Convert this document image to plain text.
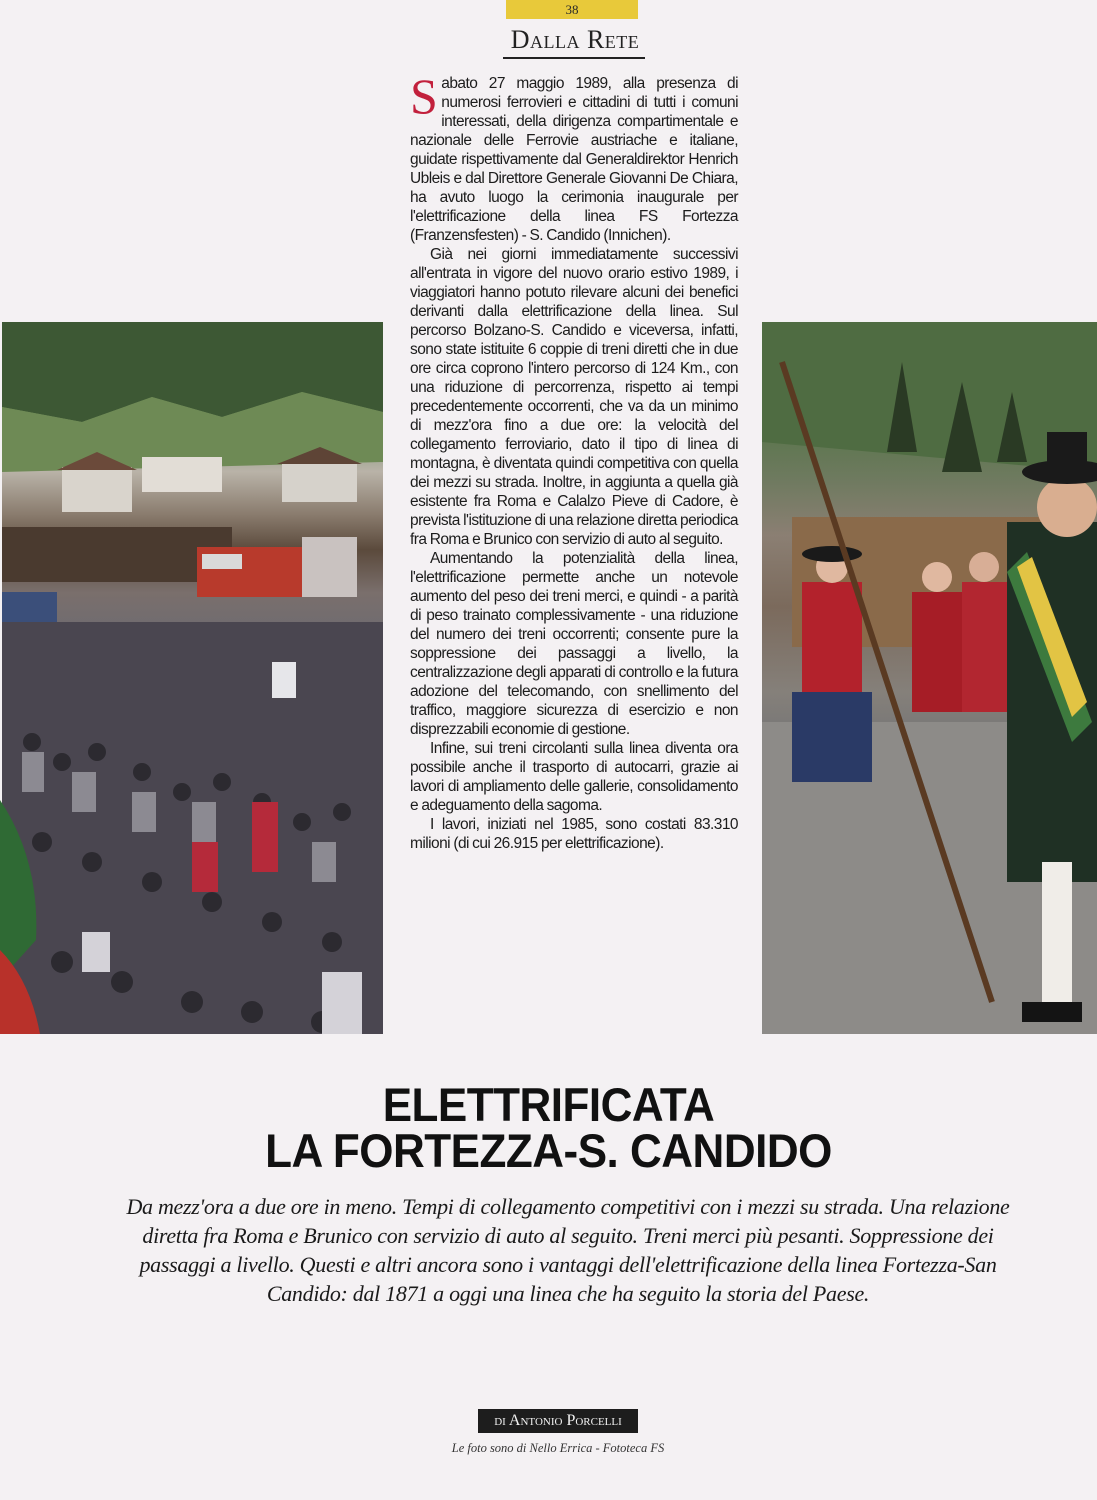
38
Dalla Rete

Sabato 27 maggio 1989, alla presenza di numerosi ferrovieri e cittadini di tutti i comuni interessati, della dirigenza compartimentale e nazionale delle Ferrovie austriache e italiane, guidate rispettivamente dal Generaldirektor Henrich Ubleis e dal Direttore Generale Giovanni De Chiara, ha avuto luogo la cerimonia inaugurale per l'elettrificazione della linea FS Fortezza (Franzensfesten) - S. Candido (Innichen).

Già nei giorni immediatamente successivi all'entrata in vigore del nuovo orario estivo 1989, i viaggiatori hanno potuto rilevare alcuni dei benefici derivanti dalla elettrificazione della linea. Sul percorso Bolzano-S. Candido e viceversa, infatti, sono state istituite 6 coppie di treni diretti che in due ore circa coprono l'intero percorso di 124 Km., con una riduzione di percorrenza, rispetto ai tempi precedentemente occorrenti, che va da un minimo di mezz'ora fino a due ore: la velocità del collegamento ferroviario, dato il tipo di linea di montagna, è diventata quindi competitiva con quella dei mezzi su strada. Inoltre, in aggiunta a quella già esistente fra Roma e Calalzo Pieve di Cadore, è prevista l'istituzione di una relazione diretta periodica fra Roma e Brunico con servizio di auto al seguito.

Aumentando la potenzialità della linea, l'elettrificazione permette anche un notevole aumento del peso dei treni merci, e quindi - a parità di peso trainato complessivamente - una riduzione del numero dei treni occorrenti; consente pure la soppressione dei passaggi a livello, la centralizzazione degli apparati di controllo e la futura adozione del telecomando, con snellimento del traffico, maggiore sicurezza di esercizio e non disprezzabili economie di gestione.

Infine, sui treni circolanti sulla linea diventa ora possibile anche il trasporto di autocarri, grazie ai lavori di ampliamento delle gallerie, consolidamento e adeguamento della sagoma.

I lavori, iniziati nel 1985, sono costati 83.310 milioni (di cui 26.915 per elettrificazione).

ELETTRIFICATA
LA FORTEZZA-S. CANDIDO
Da mezz'ora a due ore in meno. Tempi di collegamento competitivi con i mezzi su strada. Una relazione diretta fra Roma e Brunico con servizio di auto al seguito. Treni merci più pesanti. Soppressione dei passaggi a livello. Questi e altri ancora sono i vantaggi dell'elettrificazione della linea Fortezza-San Candido: dal 1871 a oggi una linea che ha seguito la storia del Paese.
di Antonio Porcelli
Le foto sono di Nello Errica - Fototeca FS
